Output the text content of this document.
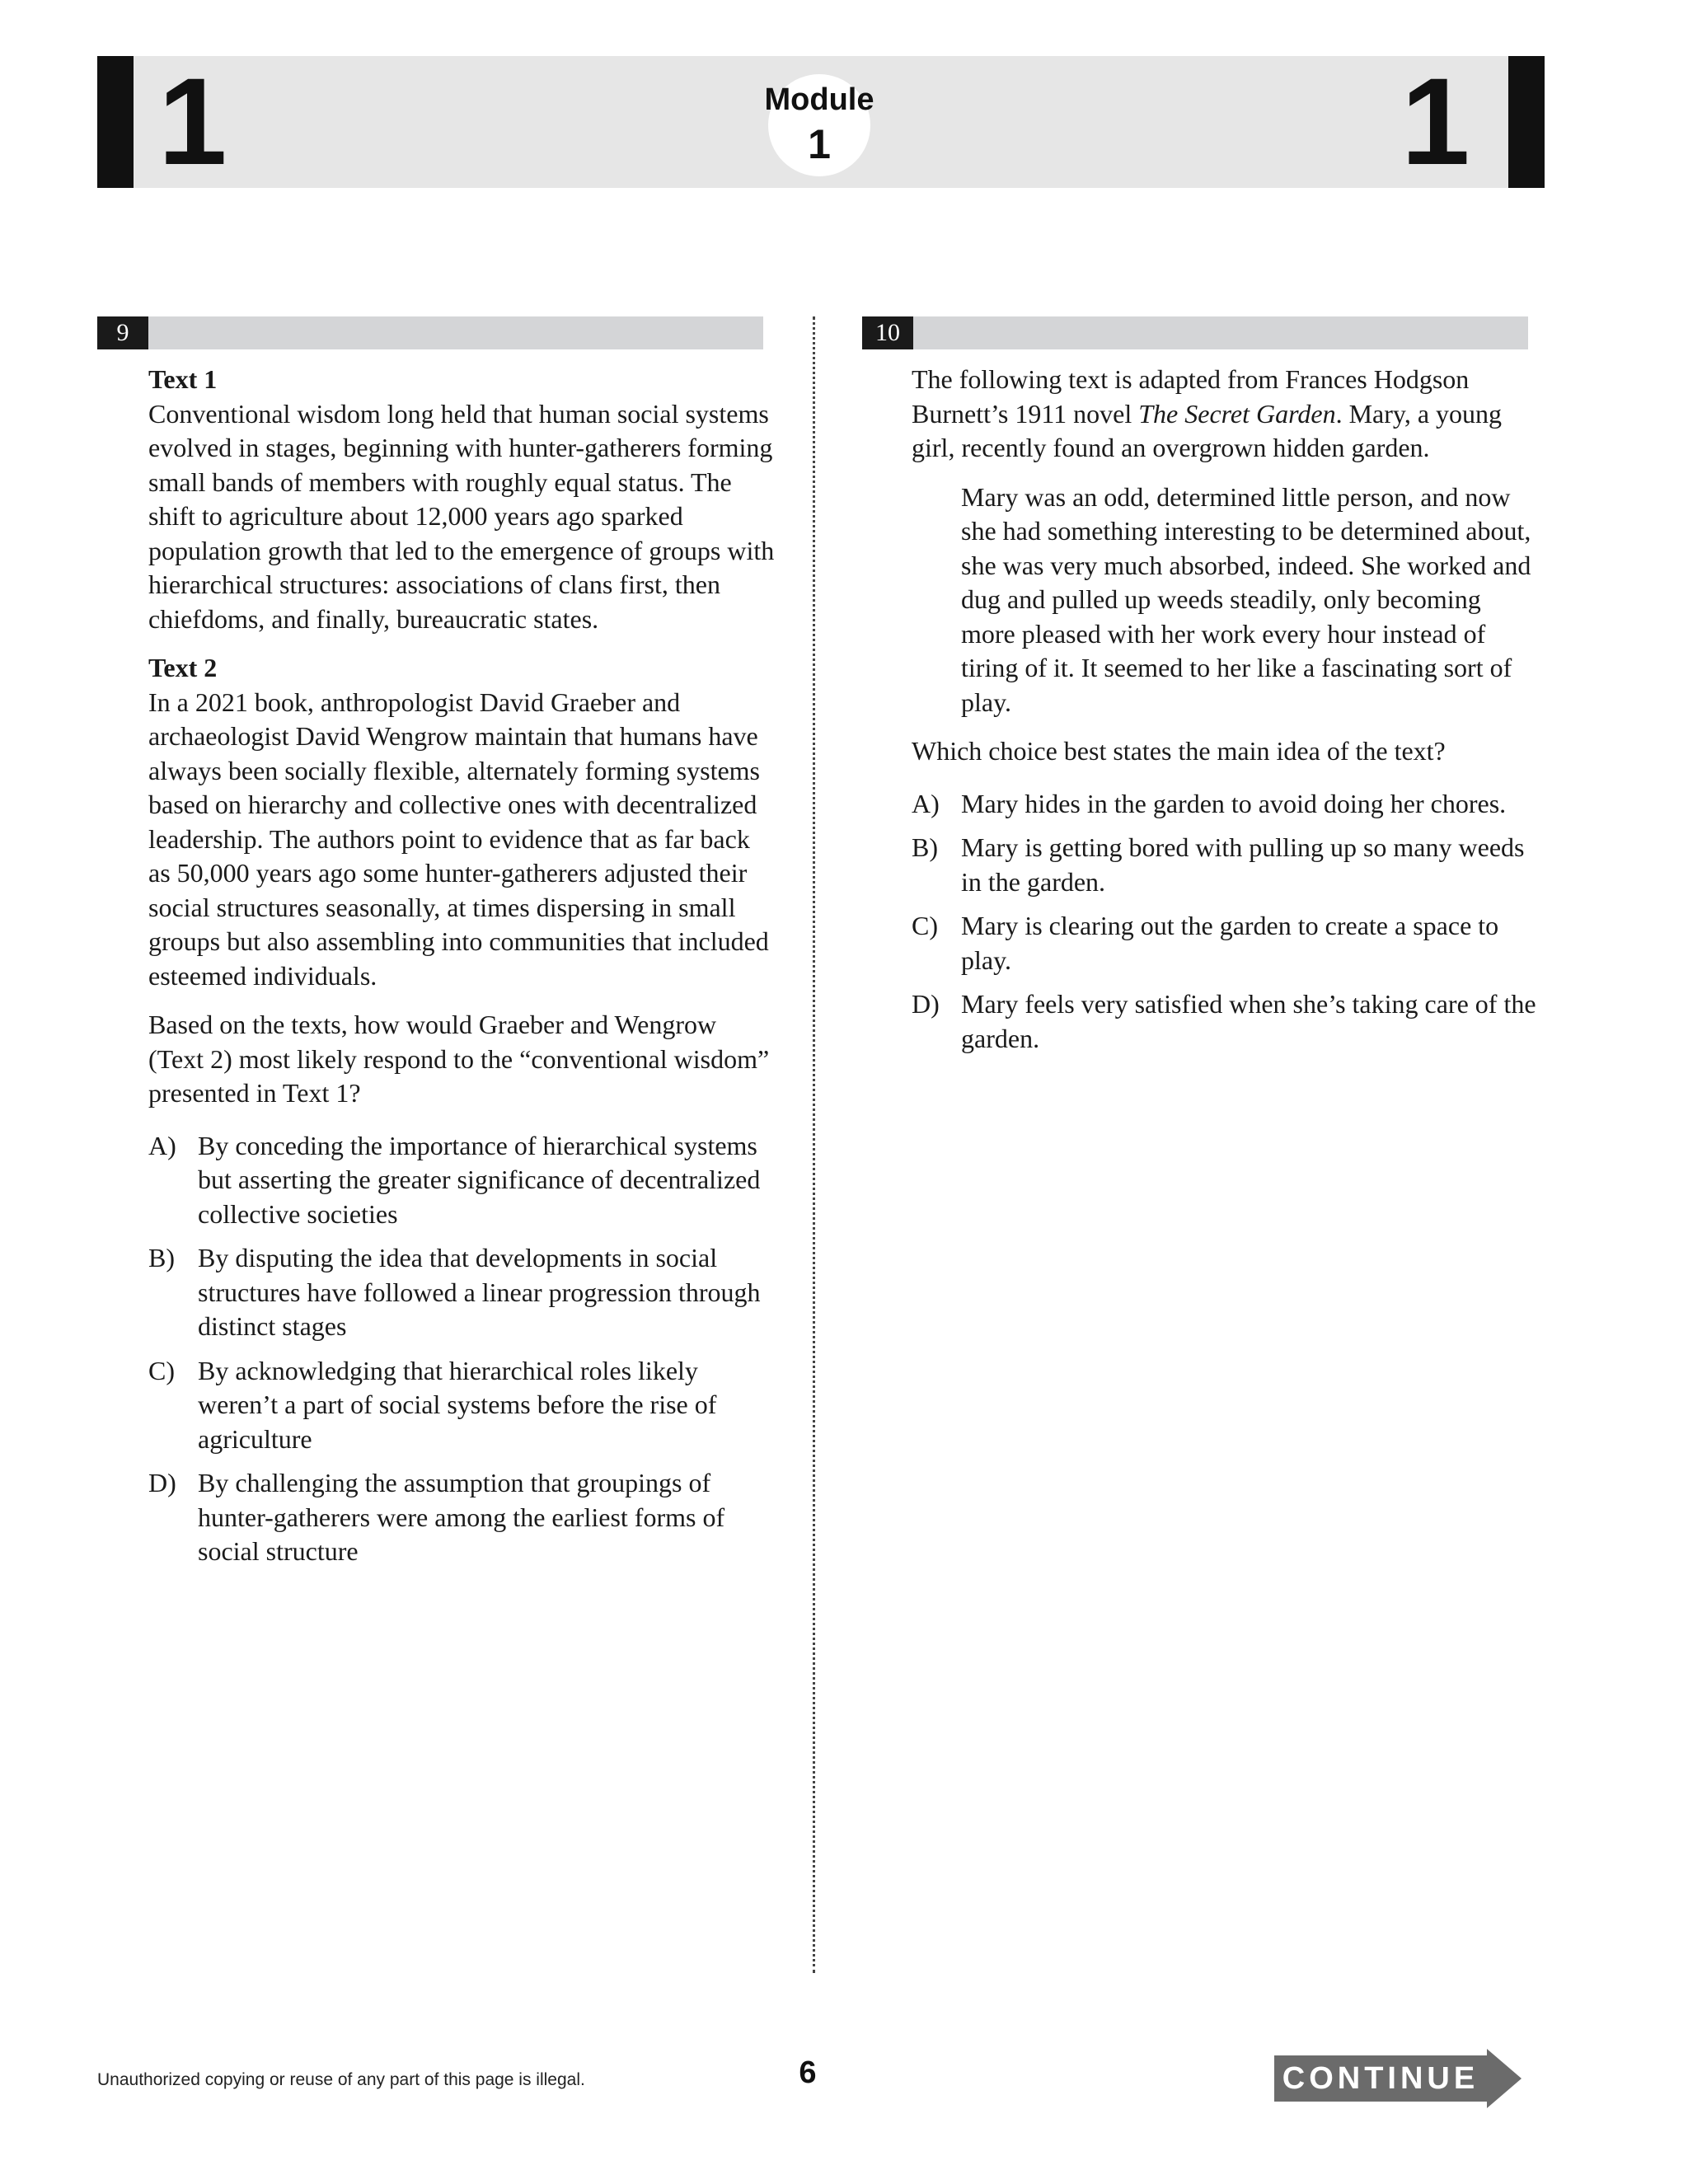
1	1
Module
1
9	10

Text 1

Conventional wisdom long held that human social systems evolved in stages, beginning with hunter-gatherers forming small bands of members with roughly equal status. The shift to agriculture about 12,000 years ago sparked population growth that led to the emergence of groups with hierarchical structures: associations of clans first, then chiefdoms, and finally, bureaucratic states.

Text 2

In a 2021 book, anthropologist David Graeber and archaeologist David Wengrow maintain that humans have always been socially flexible, alternately forming systems based on hierarchy and collective ones with decentralized leadership. The authors point to evidence that as far back as 50,000 years ago some hunter-gatherers adjusted their social structures seasonally, at times dispersing in small groups but also assembling into communities that included esteemed individuals.

Based on the texts, how would Graeber and Wengrow (Text 2) most likely respond to the “conventional wisdom” presented in Text 1?

A) By conceding the importance of hierarchical systems but asserting the greater significance of decentralized collective societies
B) By disputing the idea that developments in social structures have followed a linear progression through distinct stages
C) By acknowledging that hierarchical roles likely weren’t a part of social systems before the rise of agriculture
D) By challenging the assumption that groupings of hunter-gatherers were among the earliest forms of social structure

The following text is adapted from Frances Hodgson Burnett’s 1911 novel The Secret Garden. Mary, a young girl, recently found an overgrown hidden garden.

Mary was an odd, determined little person, and now she had something interesting to be determined about, she was very much absorbed, indeed. She worked and dug and pulled up weeds steadily, only becoming more pleased with her work every hour instead of tiring of it. It seemed to her like a fascinating sort of play.

Which choice best states the main idea of the text?

A) Mary hides in the garden to avoid doing her chores.
B) Mary is getting bored with pulling up so many weeds in the garden.
C) Mary is clearing out the garden to create a space to play.
D) Mary feels very satisfied when she’s taking care of the garden.
Unauthorized copying or reuse of any part of this page is illegal.	6	CONTINUE
